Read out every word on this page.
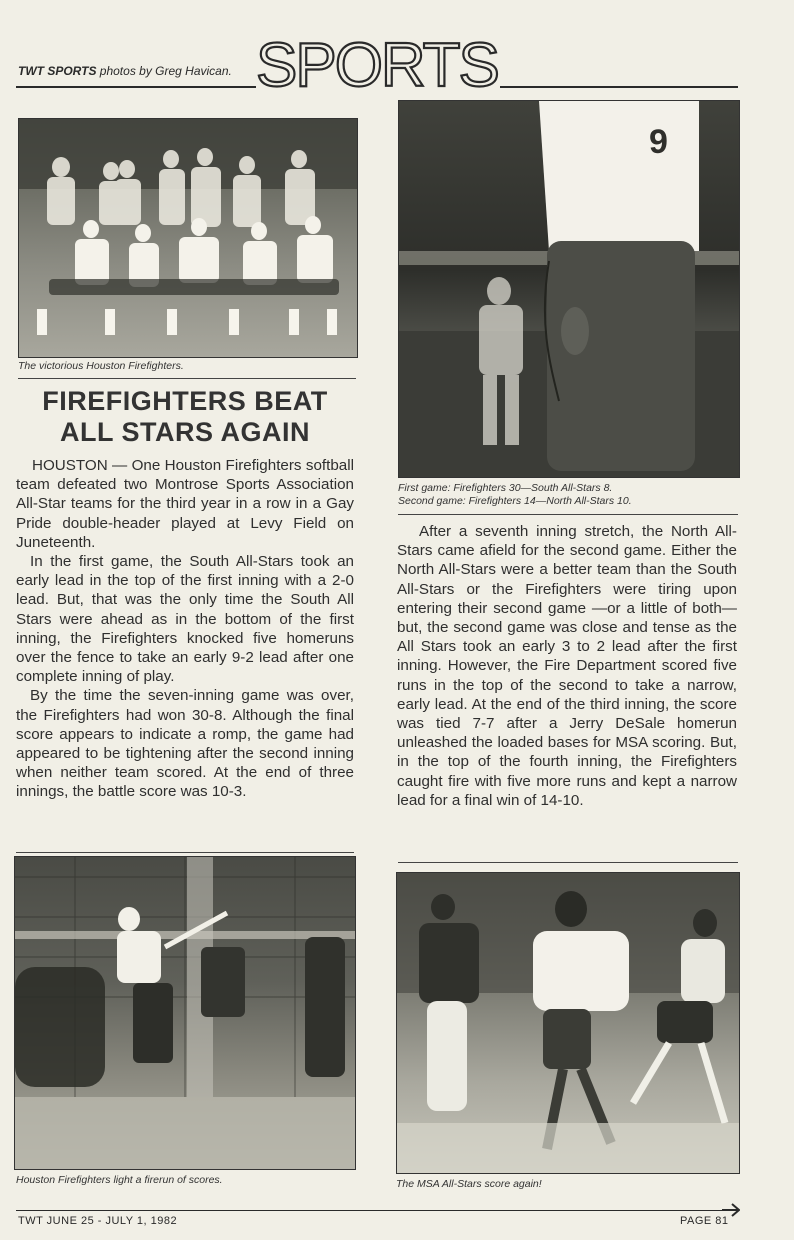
TWT SPORTS photos by Greg Havican. SPORTS
The victorious Houston Firefighters.
FIREFIGHTERS BEAT
ALL STARS AGAIN

HOUSTON — One Houston Firefighters softball team defeated two Montrose Sports Association All-Star teams for the third year in a row in a Gay Pride double-header played at Levy Field on Juneteenth.

In the first game, the South All-Stars took an early lead in the top of the first inning with a 2-0 lead. But, that was the only time the South All Stars were ahead as in the bottom of the first inning, the Firefighters knocked five homeruns over the fence to take an early 9-2 lead after one complete inning of play.

By the time the seven-inning game was over, the Firefighters had won 30-8. Although the final score appears to indicate a romp, the game had appeared to be tightening after the second inning when neither team scored. At the end of three innings, the battle score was 10-3.

9
First game: Firefighters 30—South All-Stars 8.
Second game: Firefighters 14—North All-Stars 10.

After a seventh inning stretch, the North All-Stars came afield for the second game. Either the North All-Stars were a better team than the South All-Stars or the Firefighters were tiring upon entering their second game —or a little of both—but, the second game was close and tense as the All Stars took an early 3 to 2 lead after the first inning. However, the Fire Department scored five runs in the top of the second to take a narrow, early lead. At the end of the third inning, the score was tied 7-7 after a Jerry DeSale homerun unleashed the loaded bases for MSA scoring. But, in the top of the fourth inning, the Firefighters caught fire with five more runs and kept a narrow lead for a final win of 14-10.

Houston Firefighters light a firerun of scores.	The MSA All-Stars score again!
TWT JUNE 25 - JULY 1, 1982	PAGE 81
